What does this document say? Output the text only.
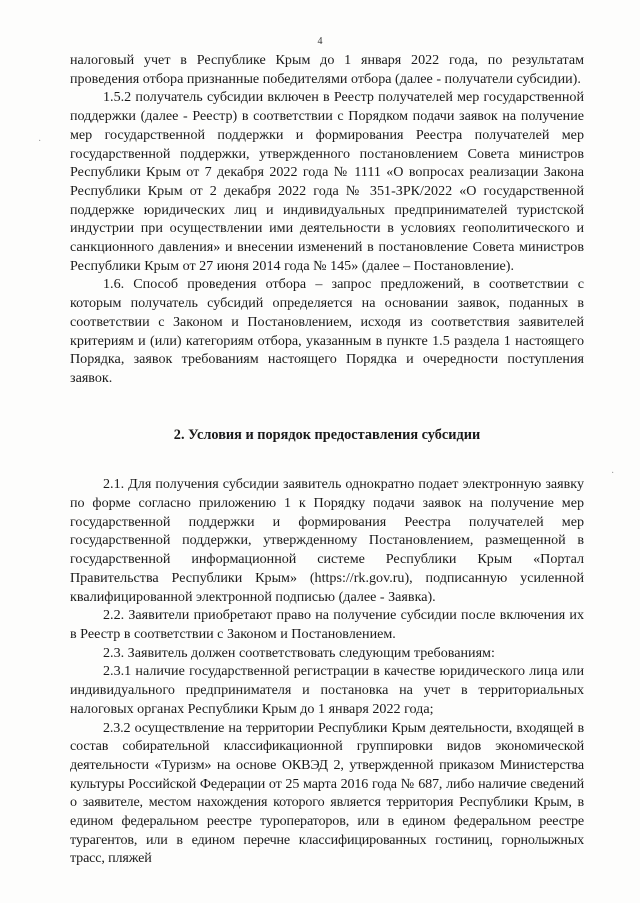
4

налоговый учет в Республике Крым до 1 января 2022 года, по результатам проведения отбора признанные победителями отбора (далее - получатели субсидии).

1.5.2 получатель субсидии включен в Реестр получателей мер государственной поддержки (далее - Реестр) в соответствии с Порядком подачи заявок на получение мер государственной поддержки и формирования Реестра получателей мер государственной поддержки, утвержденного постановлением Совета министров Республики Крым от 7 декабря 2022 года № 1111 «О вопросах реализации Закона Республики Крым от 2 декабря 2022 года № 351-ЗРК/2022 «О государственной поддержке юридических лиц и индивидуальных предпринимателей туристской индустрии при осуществлении ими деятельности в условиях геополитического и санкционного давления» и внесении изменений в постановление Совета министров Республики Крым от 27 июня 2014 года № 145» (далее – Постановление).

1.6. Способ проведения отбора – запрос предложений, в соответствии с которым получатель субсидий определяется на основании заявок, поданных в соответствии с Законом и Постановлением, исходя из соответствия заявителей критериям и (или) категориям отбора, указанным в пункте 1.5 раздела 1 настоящего Порядка, заявок требованиям настоящего Порядка и очередности поступления заявок.

2. Условия и порядок предоставления субсидии

2.1. Для получения субсидии заявитель однократно подает электронную заявку по форме согласно приложению 1 к Порядку подачи заявок на получение мер государственной поддержки и формирования Реестра получателей мер государственной поддержки, утвержденному Постановлением, размещенной в государственной информационной системе Республики Крым «Портал Правительства Республики Крым» (https://rk.gov.ru), подписанную усиленной квалифицированной электронной подписью (далее - Заявка).

2.2. Заявители приобретают право на получение субсидии после включения их в Реестр в соответствии с Законом и Постановлением.

2.3. Заявитель должен соответствовать следующим требованиям:

2.3.1 наличие государственной регистрации в качестве юридического лица или индивидуального предпринимателя и постановка на учет в территориальных налоговых органах Республики Крым до 1 января 2022 года;

2.3.2 осуществление на территории Республики Крым деятельности, входящей в состав собирательной классификационной группировки видов экономической деятельности «Туризм» на основе ОКВЭД 2, утвержденной приказом Министерства культуры Российской Федерации от 25 марта 2016 года № 687, либо наличие сведений о заявителе, местом нахождения которого является территория Республики Крым, в едином федеральном реестре туроператоров, или в едином федеральном реестре турагентов, или в едином перечне классифицированных гостиниц, горнолыжных трасс, пляжей

·
·
